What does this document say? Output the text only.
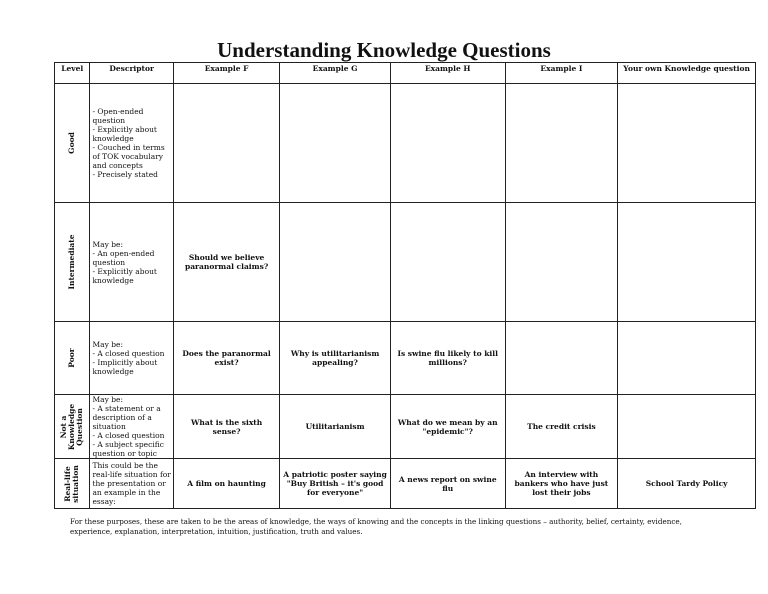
Understanding Knowledge Questions
Level	Descriptor	Example F	Example G	Example H	Example I	Your own Knowledge question

Good	- Open-ended question
- Explicitly about knowledge
- Couched in terms of TOK vocabulary and concepts
- Precisely stated					

Intermediate	May be:
- An open-ended question
- Explicitly about knowledge	Should we believe paranormal claims?				

Poor	May be:
- A closed question
- Implicitly about knowledge	Does the paranormal exist?	Why is utilitarianism appealing?	Is swine flu likely to kill millions?		

Not a Knowledge Question	May be:
- A statement or a description of a situation
- A closed question
- A subject specific question or topic	What is the sixth sense?	Utilitarianism	What do we mean by an "epidemic"?	The credit crisis	

Real-life situation	This could be the real-life situation for the presentation or an example in the essay:	A film on haunting	A patriotic poster saying "Buy British – it's good for everyone"	A news report on swine flu	An interview with bankers who have just lost their jobs	School Tardy Policy
For these purposes, these are taken to be the areas of knowledge, the ways of knowing and the concepts in the linking questions – authority, belief, certainty, evidence, experience, explanation, interpretation, intuition, justification, truth and values.
